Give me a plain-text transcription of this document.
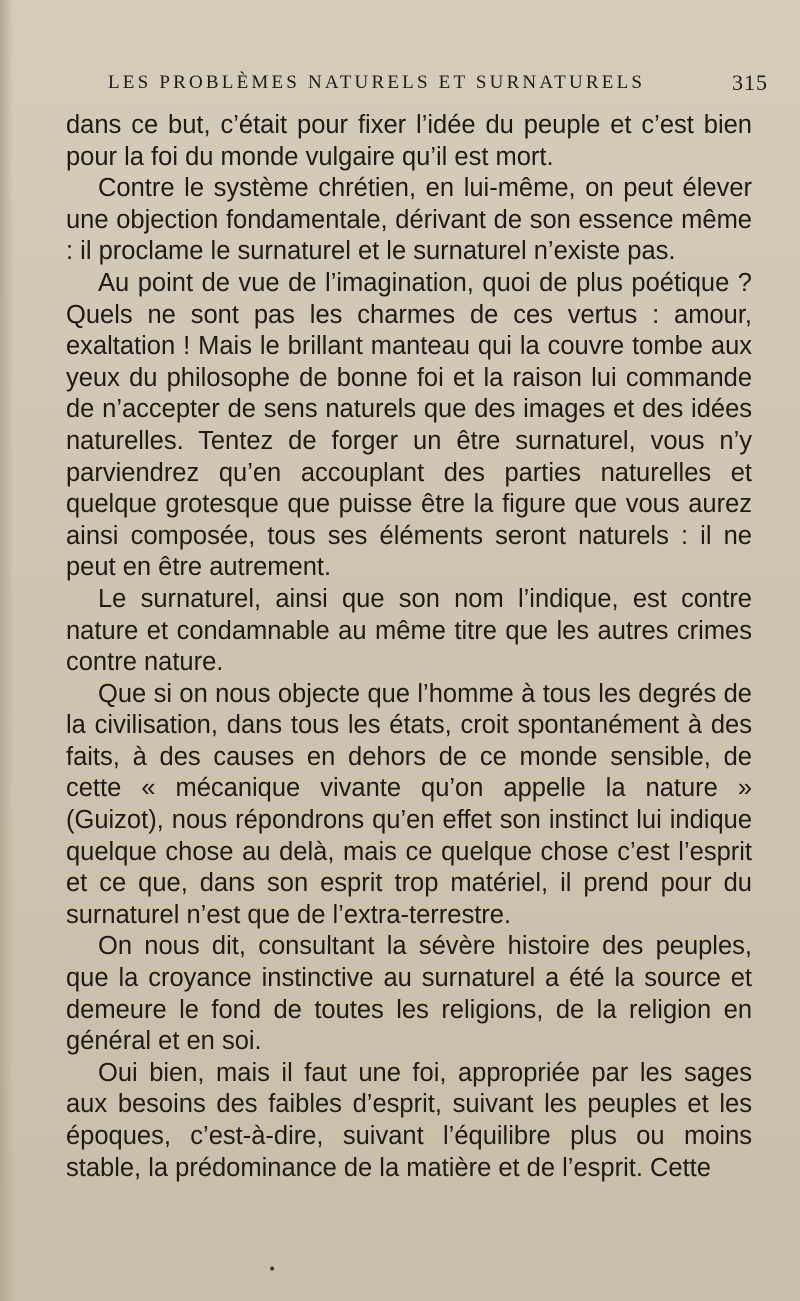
LES PROBLÈMES NATURELS ET SURNATURELS	315

dans ce but, c’était pour fixer l’idée du peuple et c’est bien pour la foi du monde vulgaire qu’il est mort.

Contre le système chrétien, en lui-même, on peut élever une objection fondamentale, dérivant de son essence même : il proclame le surnaturel et le surnaturel n’existe pas.

Au point de vue de l’imagination, quoi de plus poétique ? Quels ne sont pas les charmes de ces vertus : amour, exaltation ! Mais le brillant manteau qui la couvre tombe aux yeux du philosophe de bonne foi et la raison lui commande de n’accepter de sens naturels que des images et des idées naturelles. Tentez de forger un être surnaturel, vous n’y parviendrez qu’en accouplant des parties naturelles et quelque grotesque que puisse être la figure que vous aurez ainsi composée, tous ses éléments seront naturels : il ne peut en être autrement.

Le surnaturel, ainsi que son nom l’indique, est contre nature et condamnable au même titre que les autres crimes contre nature.

Que si on nous objecte que l’homme à tous les degrés de la civilisation, dans tous les états, croit spontanément à des faits, à des causes en dehors de ce monde sensible, de cette « mécanique vivante qu’on appelle la nature » (Guizot), nous répondrons qu’en effet son instinct lui indique quelque chose au delà, mais ce quelque chose c’est l’esprit et ce que, dans son esprit trop matériel, il prend pour du surnaturel n’est que de l’extra-terrestre.

On nous dit, consultant la sévère histoire des peuples, que la croyance instinctive au surnaturel a été la source et demeure le fond de toutes les religions, de la religion en général et en soi.

Oui bien, mais il faut une foi, appropriée par les sages aux besoins des faibles d’esprit, suivant les peuples et les époques, c’est-à-dire, suivant l’équilibre plus ou moins stable, la prédominance de la matière et de l’esprit. Cette

•
